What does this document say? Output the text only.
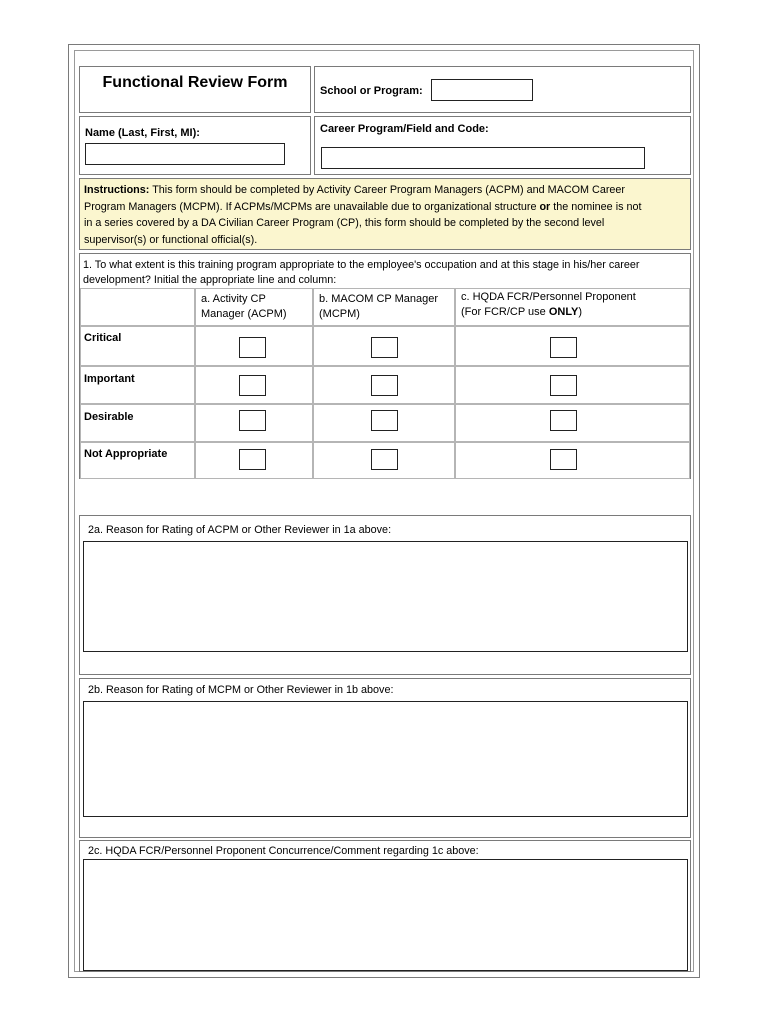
Functional Review Form	School or Program:
Name (Last, First, MI):	Career Program/Field and Code:
Instructions: This form should be completed by Activity Career Program Managers (ACPM) and MACOM Career
Program Managers (MCPM). If ACPMs/MCPMs are unavailable due to organizational structure or the nominee is not
in a series covered by a DA Civilian Career Program (CP), this form should be completed by the second level
supervisor(s) or functional official(s).
1. To what extent is this training program appropriate to the employee's occupation and at this stage in his/her career
development? Initial the appropriate line and column:
a. Activity CP
Manager (ACPM)
b. MACOM CP Manager
(MCPM)
c. HQDA FCR/Personnel Proponent
(For FCR/CP use ONLY)
Critical
Important
Desirable
Not Appropriate
2a. Reason for Rating of ACPM or Other Reviewer in 1a above:
2b. Reason for Rating of MCPM or Other Reviewer in 1b above:
2c. HQDA FCR/Personnel Proponent Concurrence/Comment regarding 1c above:
